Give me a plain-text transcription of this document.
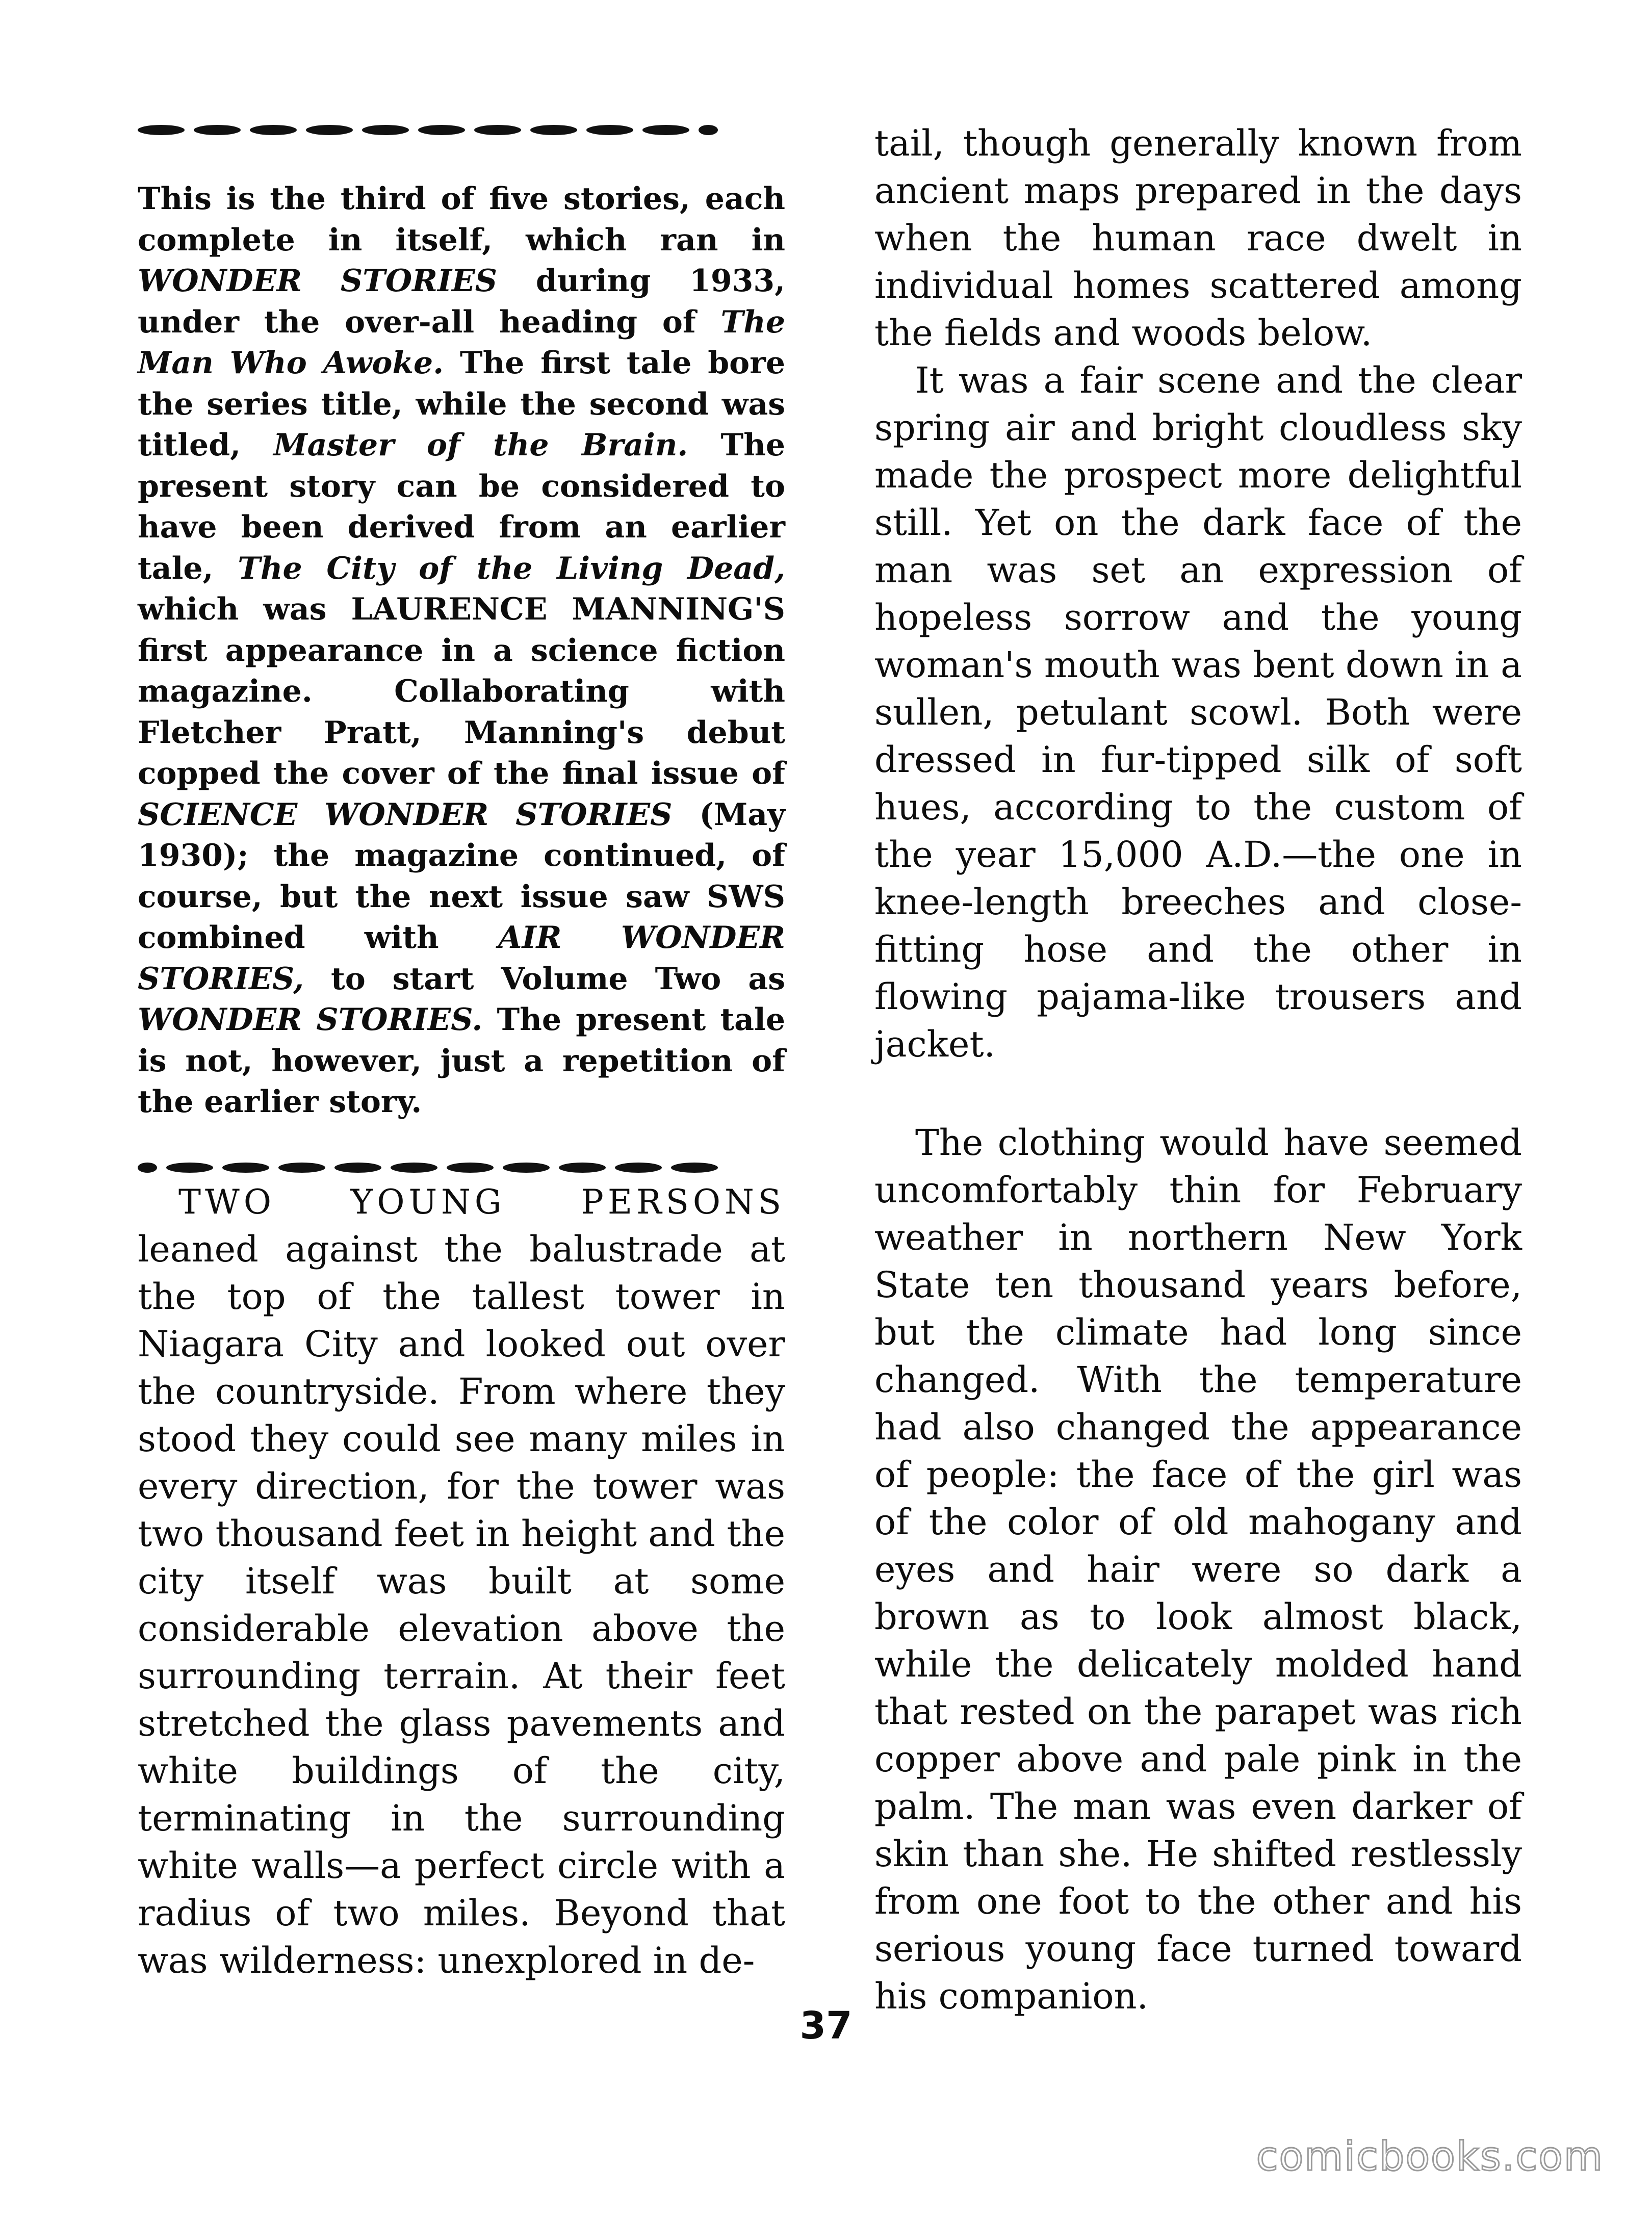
This is the third of five stories, each complete in itself, which ran in WONDER STORIES during 1933, under the over-all heading of The Man Who Awoke. The first tale bore the series title, while the second was titled, Master of the Brain. The present story can be considered to have been derived from an earlier tale, The City of the Living Dead, which was LAURENCE MANNING'S first appearance in a science fiction magazine. Collaborating with Fletcher Pratt, Manning's debut copped the cover of the final issue of SCIENCE WONDER STORIES (May 1930); the magazine continued, of course, but the next issue saw SWS combined with AIR WONDER STORIES, to start Volume Two as WONDER STORIES. The present tale is not, however, just a repetition of the earlier story.

TWO YOUNG PERSONS leaned against the balustrade at the top of the tallest tower in Niagara City and looked out over the countryside. From where they stood they could see many miles in every direction, for the tower was two thousand feet in height and the city itself was built at some considerable elevation above the surrounding terrain. At their feet stretched the glass pavements and white buildings of the city, terminating in the surrounding white walls—a perfect circle with a radius of two miles. Beyond that was wilderness: unexplored in de-

tail, though generally known from ancient maps prepared in the days when the human race dwelt in individual homes scattered among the fields and woods below.

It was a fair scene and the clear spring air and bright cloudless sky made the prospect more delightful still. Yet on the dark face of the man was set an expression of hopeless sorrow and the young woman's mouth was bent down in a sullen, petulant scowl. Both were dressed in fur-tipped silk of soft hues, according to the custom of the year 15,000 A.D.—the one in knee-length breeches and close-fitting hose and the other in flowing pajama-like trousers and jacket.

The clothing would have seemed uncomfortably thin for February weather in northern New York State ten thousand years before, but the climate had long since changed. With the temperature had also changed the appearance of people: the face of the girl was of the color of old mahogany and eyes and hair were so dark a brown as to look almost black, while the delicately molded hand that rested on the parapet was rich copper above and pale pink in the palm. The man was even darker of skin than she. He shifted restlessly from one foot to the other and his serious young face turned toward his companion.

37
comicbooks.com
